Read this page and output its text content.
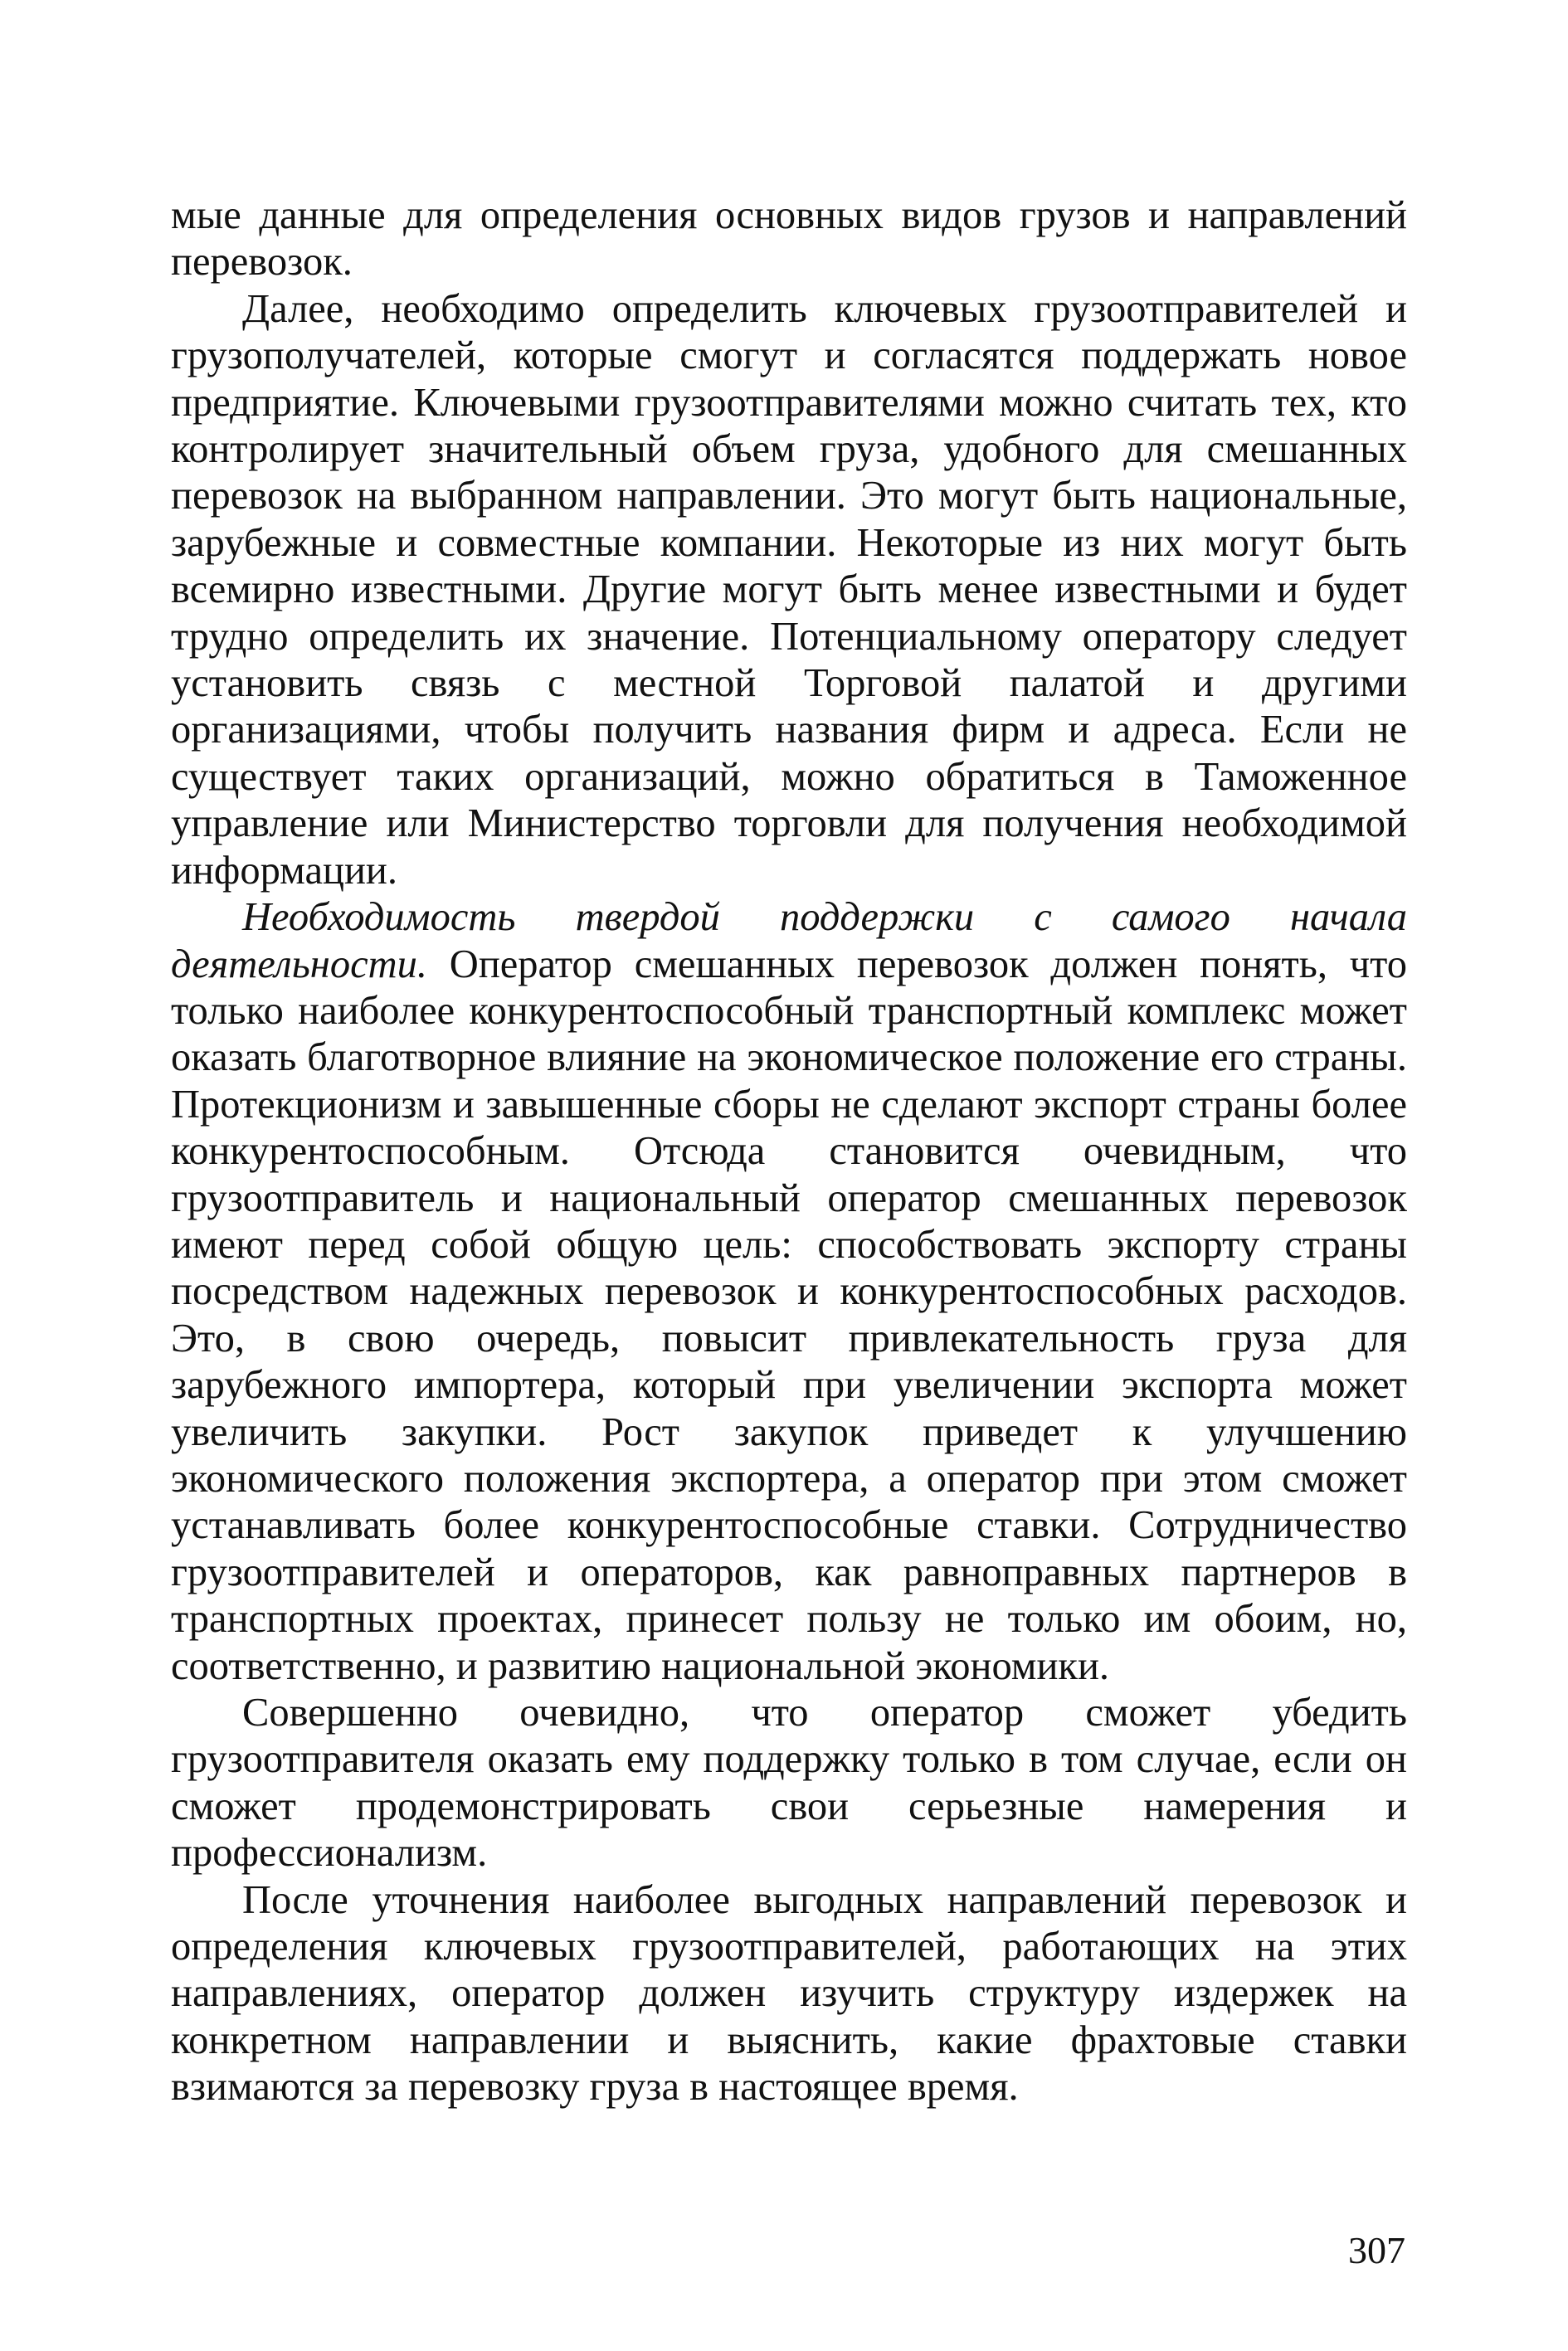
мые данные для определения основных видов грузов и направлений перевозок.

Далее, необходимо определить ключевых грузоотправителей и грузополучателей, которые смогут и согласятся поддержать новое предприятие. Ключевыми грузоотправителями можно считать тех, кто контролирует значительный объем груза, удобного для смешанных перевозок на выбранном направлении. Это могут быть национальные, зарубежные и совместные компании. Некоторые из них могут быть всемирно известными. Другие могут быть менее известными и будет трудно определить их значение. Потенциальному оператору следует установить связь с местной Торговой палатой и другими организациями, чтобы получить названия фирм и адреса. Если не существует таких организаций, можно обратиться в Таможенное управление или Министерство торговли для получения необходимой информации.

Необходимость твердой поддержки с самого начала деятельности. Оператор смешанных перевозок должен понять, что только наиболее конкурентоспособный транспортный комплекс может оказать благотворное влияние на экономическое положение его страны. Протекционизм и завышенные сборы не сделают экспорт страны более конкурентоспособным. Отсюда становится очевидным, что грузоотправитель и национальный оператор смешанных перевозок имеют перед собой общую цель: способствовать экспорту страны посредством надежных перевозок и конкурентоспособных расходов. Это, в свою очередь, повысит привлекательность груза для зарубежного импортера, который при увеличении экспорта может увеличить закупки. Рост закупок приведет к улучшению экономического положения экспортера, а оператор при этом сможет устанавливать более конкурентоспособные ставки. Сотрудничество грузоотправителей и операторов, как равноправных партнеров в транспортных проектах, принесет пользу не только им обоим, но, соответственно, и развитию национальной экономики.

Совершенно очевидно, что оператор сможет убедить грузоотправителя оказать ему поддержку только в том случае, если он сможет продемонстрировать свои серьезные намерения и профессионализм.

После уточнения наиболее выгодных направлений перевозок и определения ключевых грузоотправителей, работающих на этих направлениях, оператор должен изучить структуру издержек на конкретном направлении и выяснить, какие фрахтовые ставки взимаются за перевозку груза в настоящее время.

307
